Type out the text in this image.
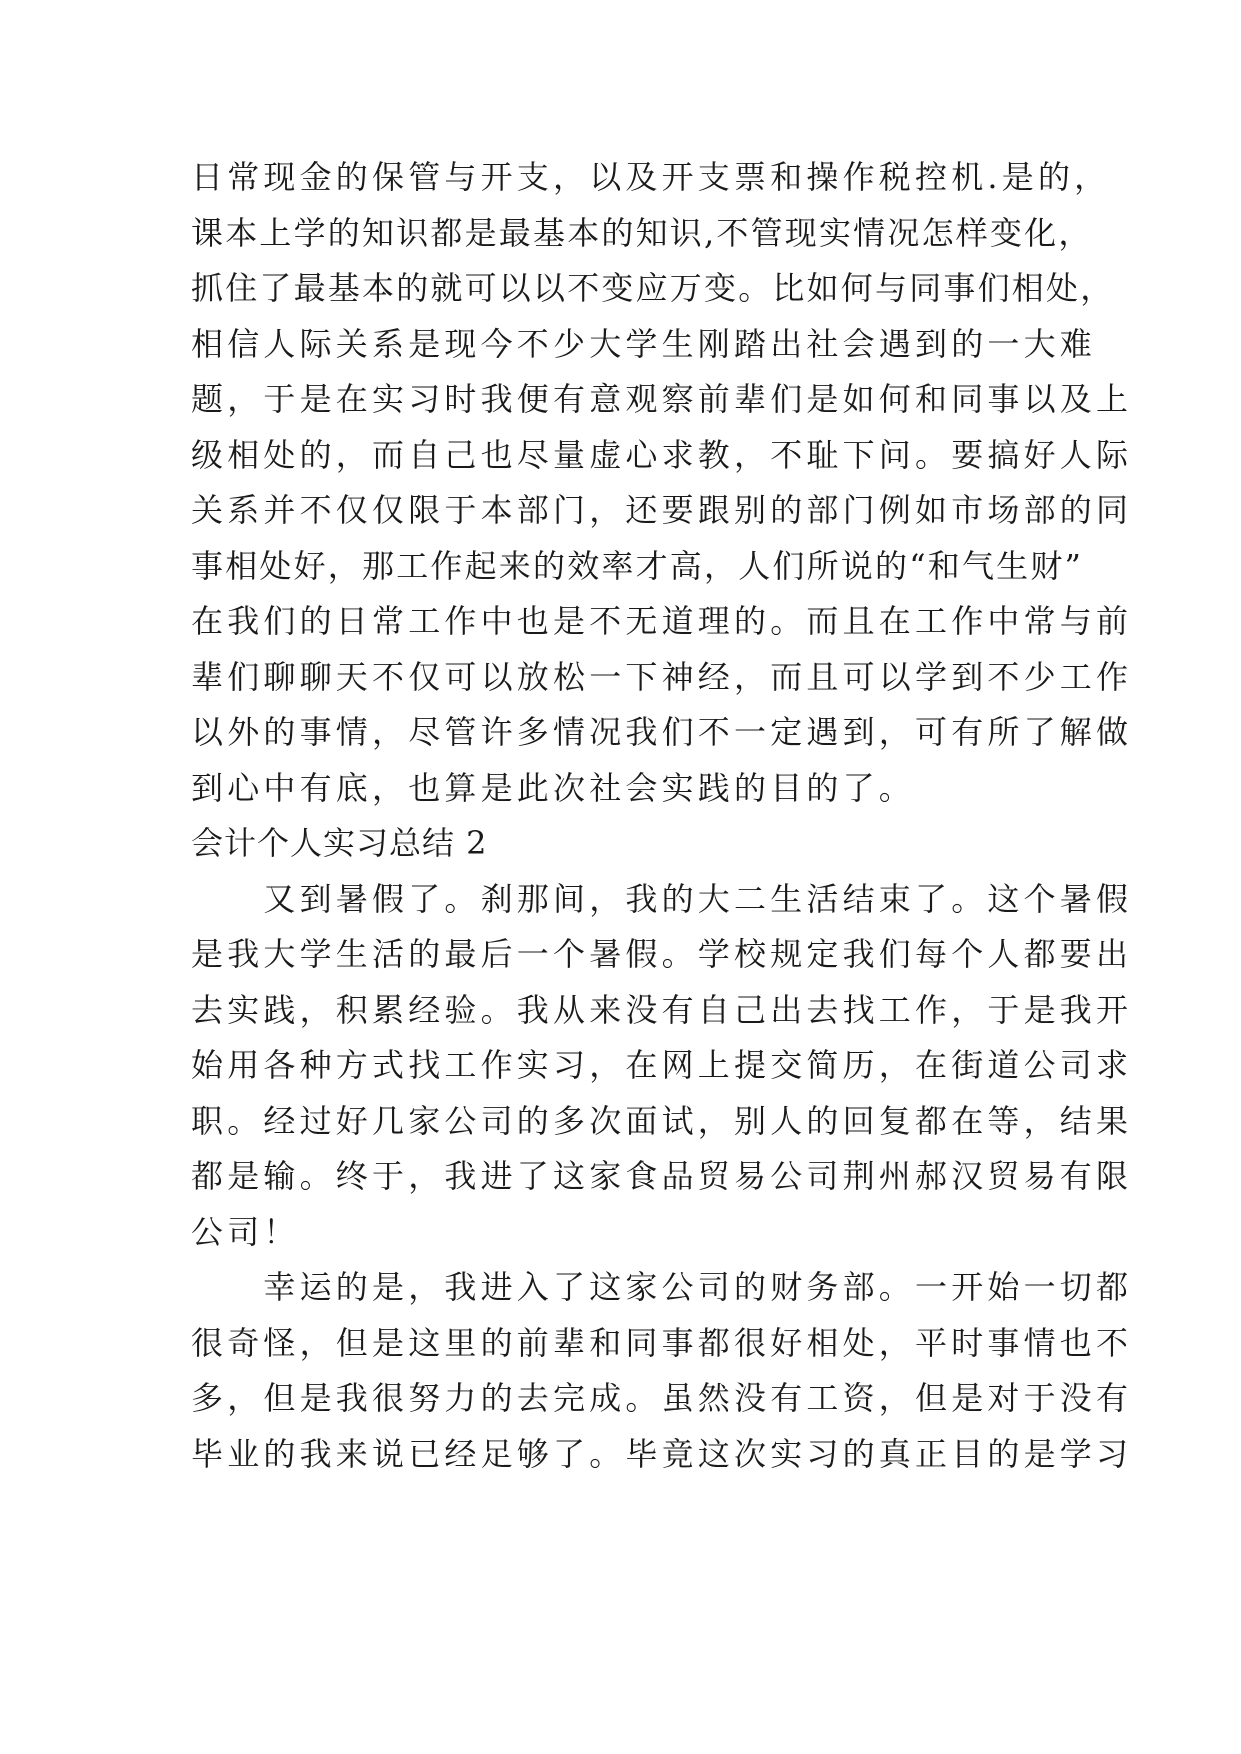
日常现金的保管与开支，以及开支票和操作税控机.是的，
课本上学的知识都是最基本的知识,不管现实情况怎样变化，
抓住了最基本的就可以以不变应万变。比如何与同事们相处，
相信人际关系是现今不少大学生刚踏出社会遇到的一大难
题，于是在实习时我便有意观察前辈们是如何和同事以及上
级相处的，而自己也尽量虚心求教，不耻下问。要搞好人际
关系并不仅仅限于本部门，还要跟别的部门例如市场部的同
事相处好，那工作起来的效率才高，人们所说的“和气生财”
在我们的日常工作中也是不无道理的。而且在工作中常与前
辈们聊聊天不仅可以放松一下神经，而且可以学到不少工作
以外的事情，尽管许多情况我们不一定遇到，可有所了解做
到心中有底，也算是此次社会实践的目的了。
会计个人实习总结 2
　　又到暑假了。刹那间，我的大二生活结束了。这个暑假
是我大学生活的最后一个暑假。学校规定我们每个人都要出
去实践，积累经验。我从来没有自己出去找工作，于是我开
始用各种方式找工作实习，在网上提交简历，在街道公司求
职。经过好几家公司的多次面试，别人的回复都在等，结果
都是输。终于，我进了这家食品贸易公司荆州郝汉贸易有限
公司！
　　幸运的是，我进入了这家公司的财务部。一开始一切都
很奇怪，但是这里的前辈和同事都很好相处，平时事情也不
多，但是我很努力的去完成。虽然没有工资，但是对于没有
毕业的我来说已经足够了。毕竟这次实习的真正目的是学习
